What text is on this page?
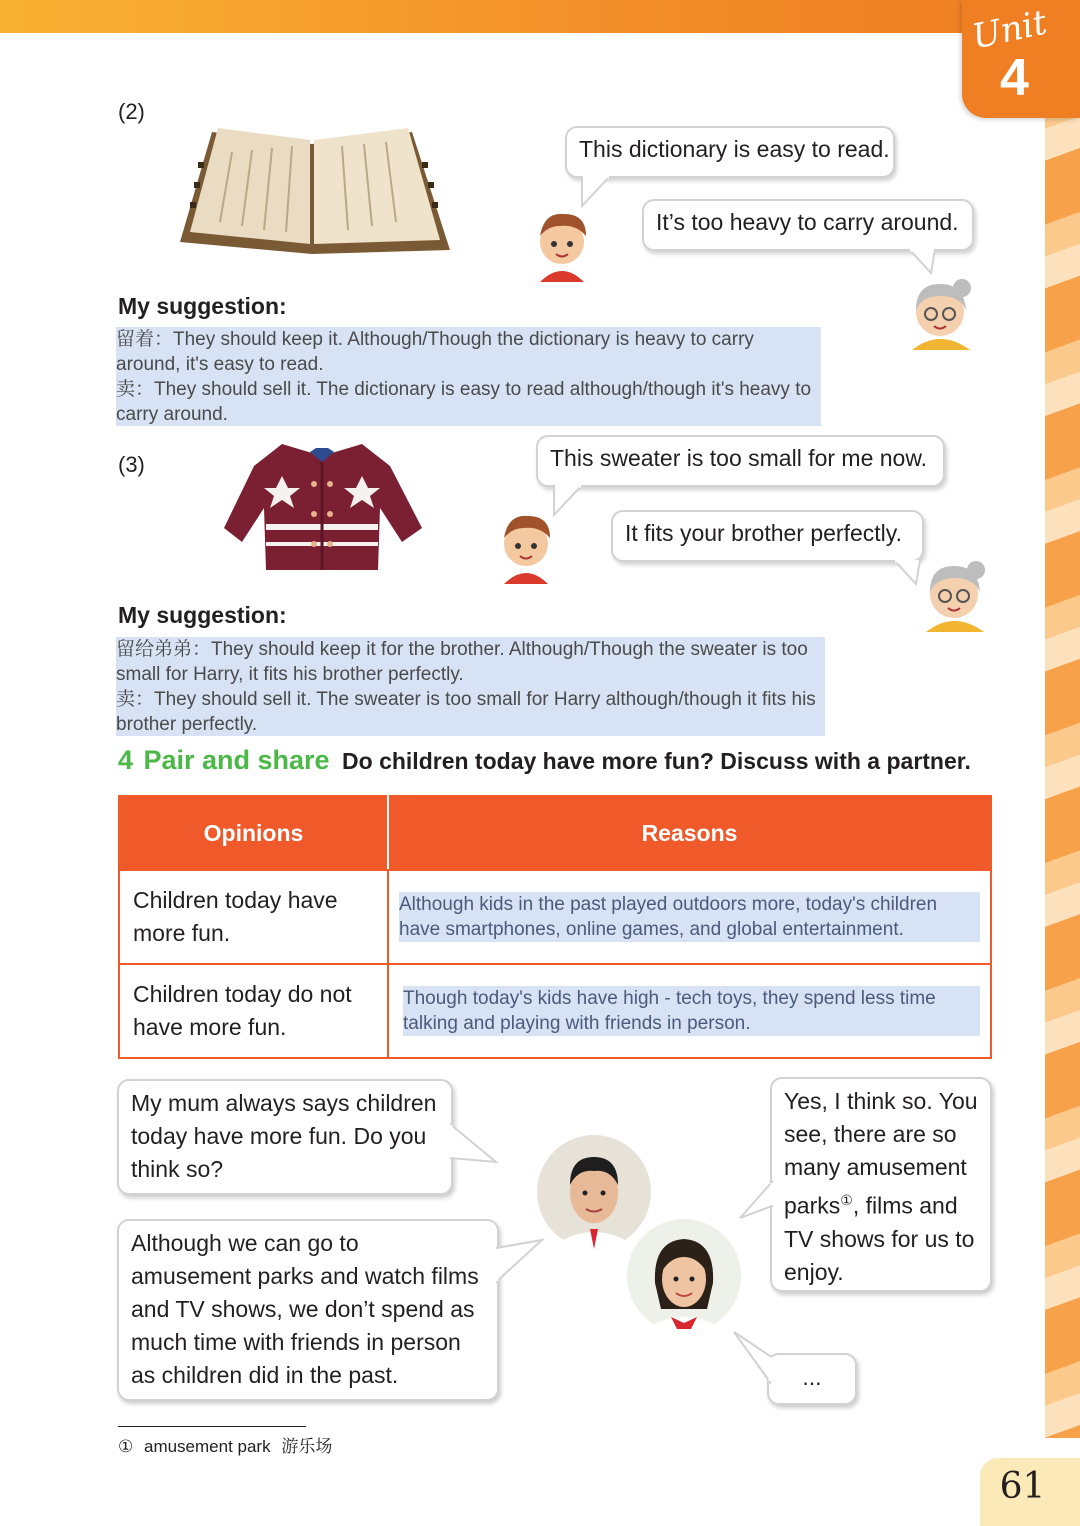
Unit
4
(2)
This dictionary is easy to read.
It’s too heavy to carry around.
My suggestion:

留着：They should keep it. Although/Though the dictionary is heavy to carry around, it's easy to read.

卖：They should sell it. The dictionary is easy to read although/though it's heavy to carry around.

(3)	This sweater is too small for me now.
It fits your brother perfectly.
My suggestion:

留给弟弟：They should keep it for the brother. Although/Though the sweater is too small for Harry, it fits his brother perfectly.

卖：They should sell it. The sweater is too small for Harry although/though it fits his brother perfectly.

4 Pair and share Do children today have more fun? Discuss with a partner.
Opinions	Reasons

Children today have more fun.	Although kids in the past played outdoors more, today's children have smartphones, online games, and global entertainment.

Children today do not have more fun.	Though today's kids have high - tech toys, they spend less time talking and playing with friends in person.
My mum always says children today have more fun. Do you think so?
Although we can go to amusement parks and watch films and TV shows, we don’t spend as much time with friends in person as children did in the past.
Yes, I think so. You see, there are so many amusement parks①, films and TV shows for us to enjoy.
...
① amusement park 游乐场
61
